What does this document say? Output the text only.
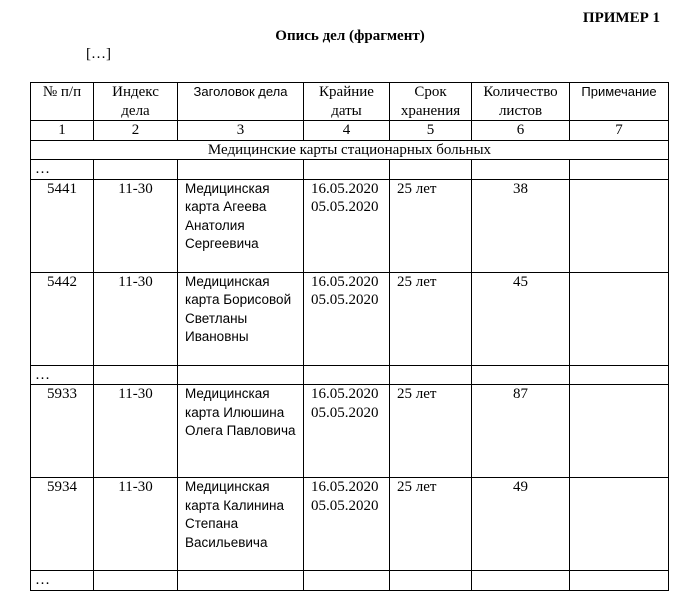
ПРИМЕР 1
Опись дел (фрагмент)
[…]
№ п/п	Индекс дела	Заголовок дела	Крайние даты	Срок хранения	Количество листов	Примечание
1	2	3	4	5	6	7
Медицинские карты стационарных больных						
…						
5441	11-30	Медицинская карта Агеева Анатолия Сергеевича	16.05.2020 05.05.2020	25 лет	38	
5442	11-30	Медицинская карта Борисовой Светланы Ивановны	16.05.2020 05.05.2020	25 лет	45	
…						
5933	11-30	Медицинская карта Илюшина Олега Павловича	16.05.2020 05.05.2020	25 лет	87	
5934	11-30	Медицинская карта Калинина Степана Васильевича	16.05.2020 05.05.2020	25 лет	49	
…						
